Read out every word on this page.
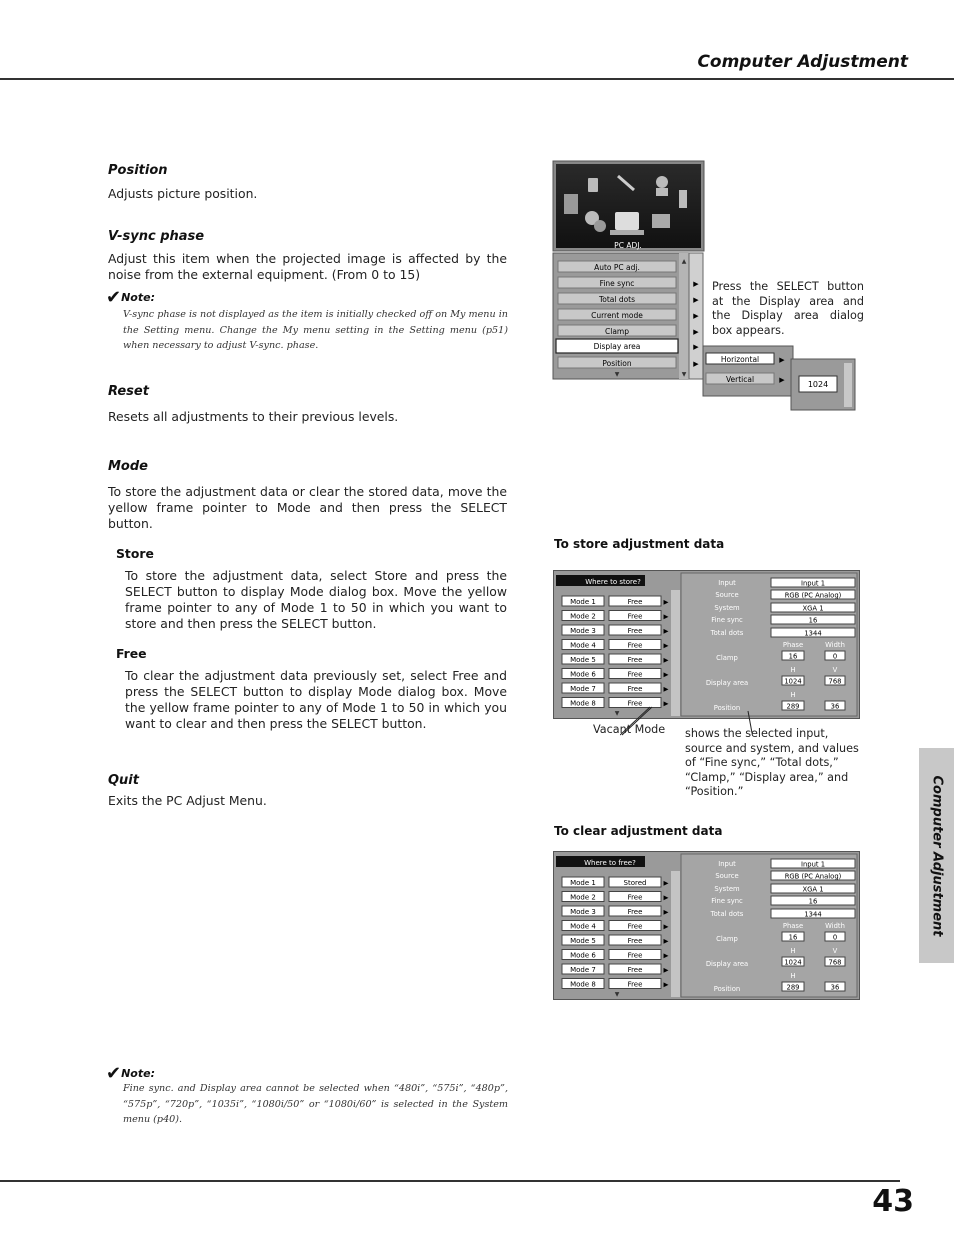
Computer Adjustment
Position
Adjusts picture position.
V-sync phase
Adjust this item when the projected image is affected by the noise from the external equipment. (From 0 to 15)
✔Note:
V-sync phase is not displayed as the item is initially checked off on My menu in the Setting menu. Change the My menu setting in the Setting menu (p51) when necessary to adjust V-sync. phase.
Reset
Resets all adjustments to their previous levels.
Mode
To store the adjustment data or clear the stored data, move the yellow frame pointer to Mode and then press the SELECT button.
Store
To store the adjustment data, select Store and press the SELECT button to display Mode dialog box. Move the yellow frame pointer to any of Mode 1 to 50 in which you want to store and then press the SELECT button.
Free
To clear the adjustment data previously set, select Free and press the SELECT button to display Mode dialog box. Move the yellow frame pointer to any of Mode 1 to 50 in which you want to clear and then press the SELECT button.
Quit
Exits the PC Adjust Menu.
✔Note:
Fine sync. and Display area cannot be selected when “480i”, “575i”, “480p”, “575p”, “720p”, “1035i”, “1080i/50” or “1080i/60” is selected in the System menu (p40).
PC ADJ.
▲
▼
Auto PC adj.
Fine sync	▶
Total dots	▶
Current mode	▶
Clamp	▶
Display area	▶
Position	▶
▼
Horizontal	▶
Vertical	▶	1024
Press the SELECT button at the Display area and the Display area dialog box appears.
To store adjustment data
Where to store?
Mode 1	Free	▶
Mode 2	Free	▶
Mode 3	Free	▶
Mode 4	Free	▶
Mode 5	Free	▶
Mode 6	Free	▶
Mode 7	Free	▶
Mode 8	Free	▶
▼
Input	Input 1
Source	RGB (PC Analog)
System	XGA 1
Fine sync	16
Total dots	1344
Phase	Width
Clamp	16	0
H	V
Display area	1024	768
H
Position	289	36
Vacant Mode shows the selected input, source and system, and values of “Fine sync,” “Total dots,” “Clamp,” “Display area,” and “Position.”
To clear adjustment data
Where to free?
Mode 1	Stored	▶
Mode 2	Free	▶
Mode 3	Free	▶
Mode 4	Free	▶
Mode 5	Free	▶
Mode 6	Free	▶
Mode 7	Free	▶
Mode 8	Free	▶
▼
Input	Input 1
Source	RGB (PC Analog)
System	XGA 1
Fine sync	16
Total dots	1344
Phase	Width
Clamp	16	0
H	V
Display area	1024	768
H
Position	289	36
Computer Adjustment
43
